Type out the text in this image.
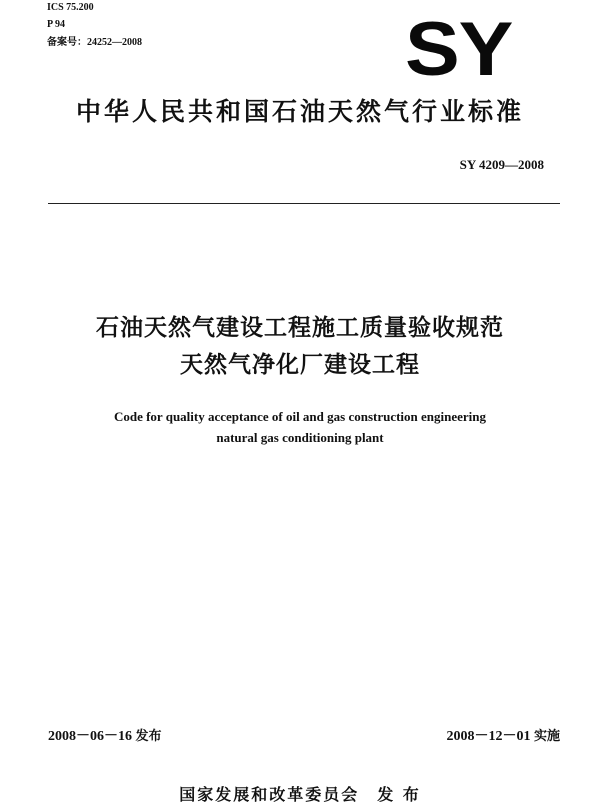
ICS 75.200
P 94
备案号：24252—2008	SY
中华人民共和国石油天然气行业标准
SY 4209—2008
石油天然气建设工程施工质量验收规范
天然气净化厂建设工程
Code for quality acceptance of oil and gas construction engineering
natural gas conditioning plant
2008－06－16 发布	2008－12－01 实施
国家发展和改革委员会 发 布
